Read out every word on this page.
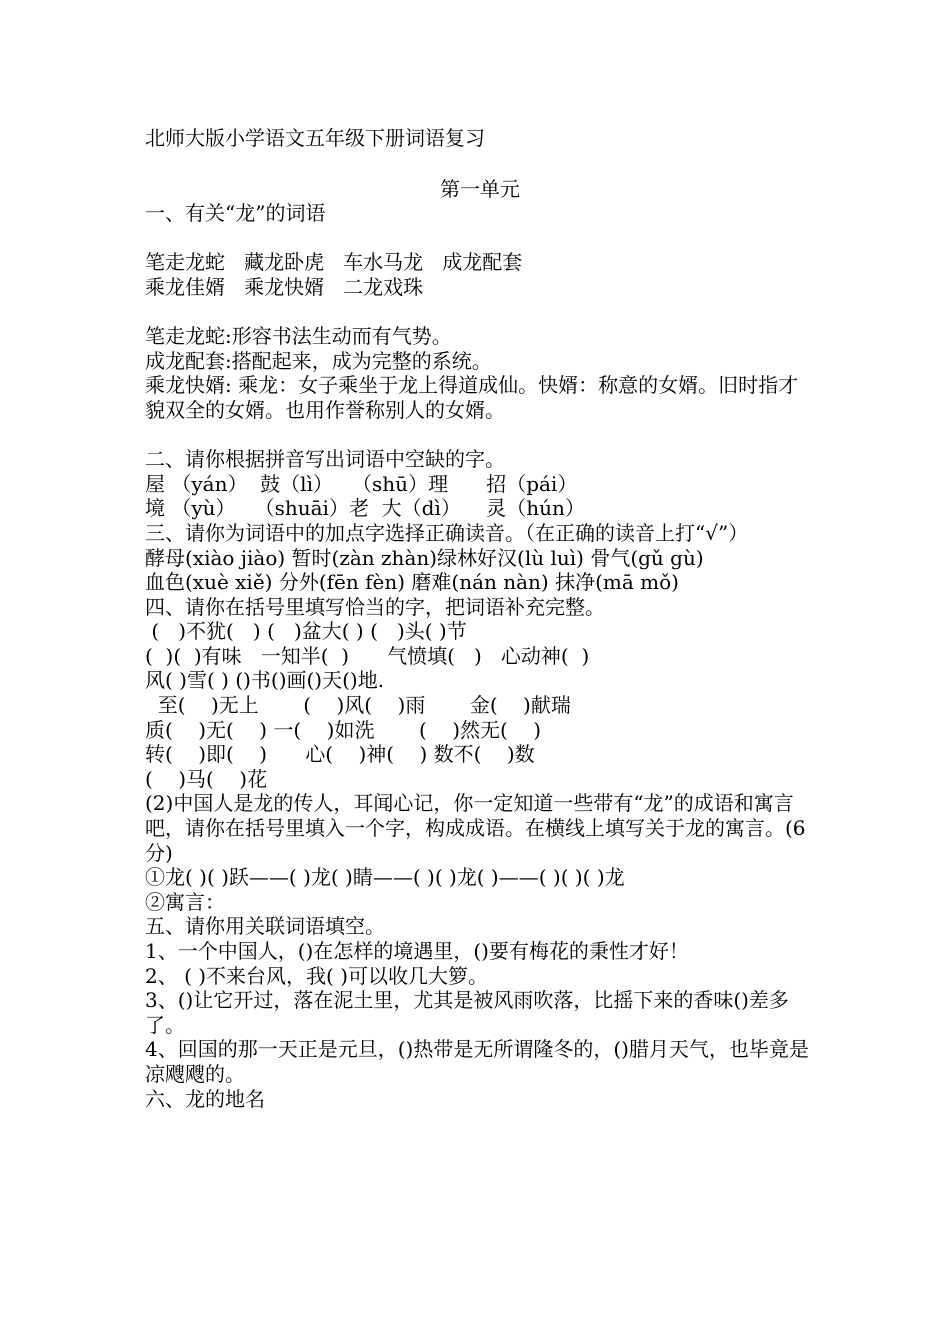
北师大版小学语文五年级下册词语复习
第一单元
一、有关“龙”的词语
笔走龙蛇   藏龙卧虎   车水马龙   成龙配套
乘龙佳婿   乘龙快婿   二龙戏珠
笔走龙蛇:形容书法生动而有气势。
成龙配套:搭配起来，成为完整的系统。
乘龙快婿: 乘龙：女子乘坐于龙上得道成仙。快婿：称意的女婿。旧时指才貌双全的女婿。也用作誉称别人的女婿。
二、请你根据拼音写出词语中空缺的字。
屋 （yán）  鼓（lì）   （shū）理      招（pái）
境 （yù）   （shuāi）老  大（dì）    灵（hún）
三、请你为词语中的加点字选择正确读音。（在正确的读音上打“√”）
酵母(xiào jiào) 暂时(zàn zhàn)绿林好汉(lù luì) 骨气(gǔ gù)
血色(xuè xiě) 分外(fēn fèn) 磨难(nán nàn) 抹净(mā mǒ)
四、请你在括号里填写恰当的字，把词语补充完整。
(   )不犹(   ) (   )盆大( ) (   )头( )节
(  )(  )有味   一知半(  )      气愤填(   )   心动神(  )
风( )雪( ) ()书()画()天()地.
至(    )无上       (    )风(    )雨       金(    )献瑞
质(    )无(    ) 一(    )如洗       (    )然无(    )
转(    )即(    )      心(    )神(    ) 数不(    )数
(    )马(    )花
(2)中国人是龙的传人，耳闻心记，你一定知道一些带有“龙”的成语和寓言吧，请你在括号里填入一个字，构成成语。在横线上填写关于龙的寓言。(6分)
①龙( )( )跃——( )龙( )睛——( )( )龙( )——( )( )( )龙
②寓言：
五、请你用关联词语填空。
1、一个中国人，()在怎样的境遇里，()要有梅花的秉性才好！
2、 ( )不来台风，我( )可以收几大箩。
3、()让它开过，落在泥土里，尤其是被风雨吹落，比摇下来的香味()差多了。
4、回国的那一天正是元旦，()热带是无所谓隆冬的，()腊月天气，也毕竟是凉飕飕的。
六、龙的地名
